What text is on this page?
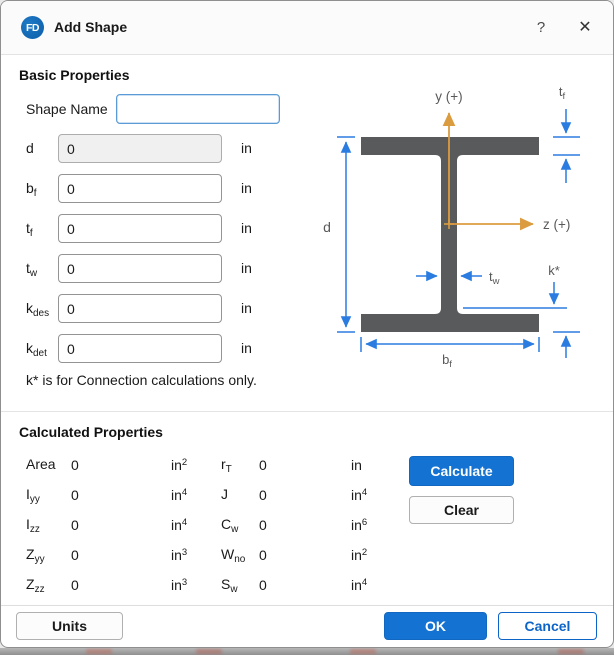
FD	Add Shape	?	✕
Basic Properties
Shape Name
d
0	in
$b_f$
0	in
$t_f$
0	in
$t_w$
0	in
$k_{des}$
0	in
$k_{det}$
0	in
k* is for Connection calculations only.
d
y (+)
z (+)
$t_f$
$t_w$
k*
$b_f$
Calculated Properties
Area	0	$in^2$	$r_T$	0	in
$I_{yy}$	0	$in^4$	J	0	$in^4$
$I_{zz}$	0	$in^4$	$C_w$	0	$in^6$
$Z_{yy}$	0	$in^3$	$W_{no}$ 0	$in^2$
$Z_{zz}$	0	$in^3$	$S_w$	0	$in^4$
Calculate
Clear
Units	OK	Cancel
